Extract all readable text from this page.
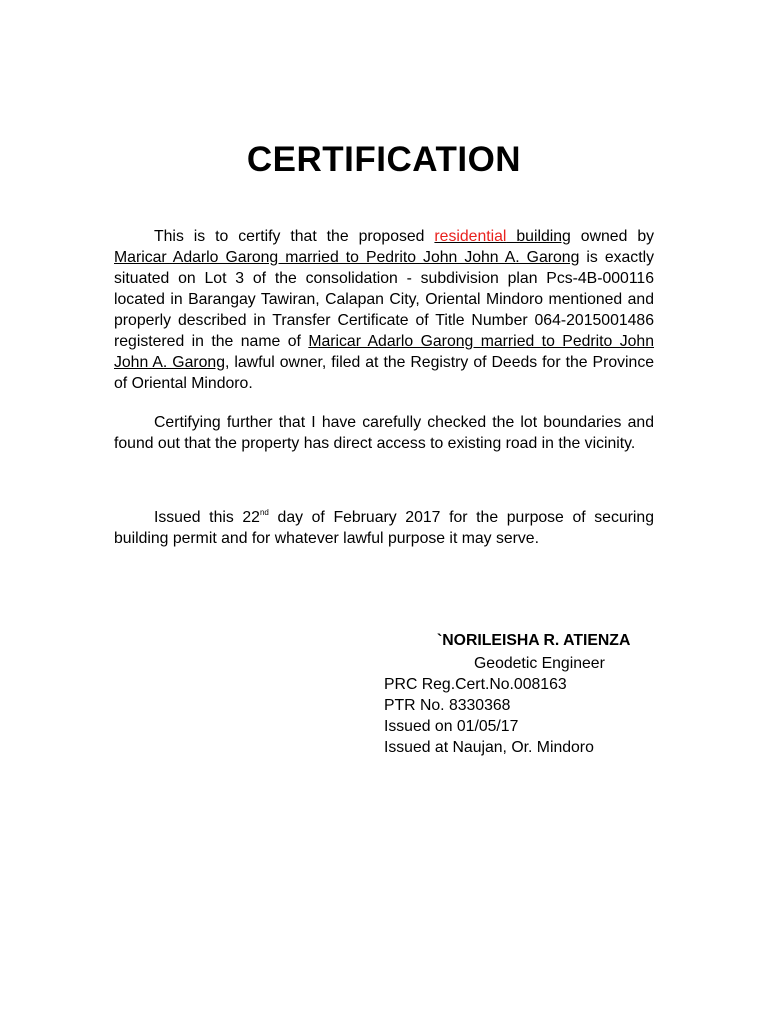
CERTIFICATION
This is to certify that the proposed residential building owned by Maricar Adarlo Garong married to Pedrito John John A. Garong is exactly situated on Lot 3 of the consolidation - subdivision plan Pcs-4B-000116 located in Barangay Tawiran, Calapan City, Oriental Mindoro mentioned and properly described in Transfer Certificate of Title Number 064-2015001486 registered in the name of Maricar Adarlo Garong married to Pedrito John John A. Garong, lawful owner, filed at the Registry of Deeds for the Province of Oriental Mindoro.
Certifying further that I have carefully checked the lot boundaries and found out that the property has direct access to existing road in the vicinity.
Issued this 22nd day of February 2017 for the purpose of securing building permit and for whatever lawful purpose it may serve.
`NORILEISHA R. ATIENZA
Geodetic Engineer
PRC Reg.Cert.No.008163
PTR No. 8330368
Issued on 01/05/17
Issued at Naujan, Or. Mindoro
